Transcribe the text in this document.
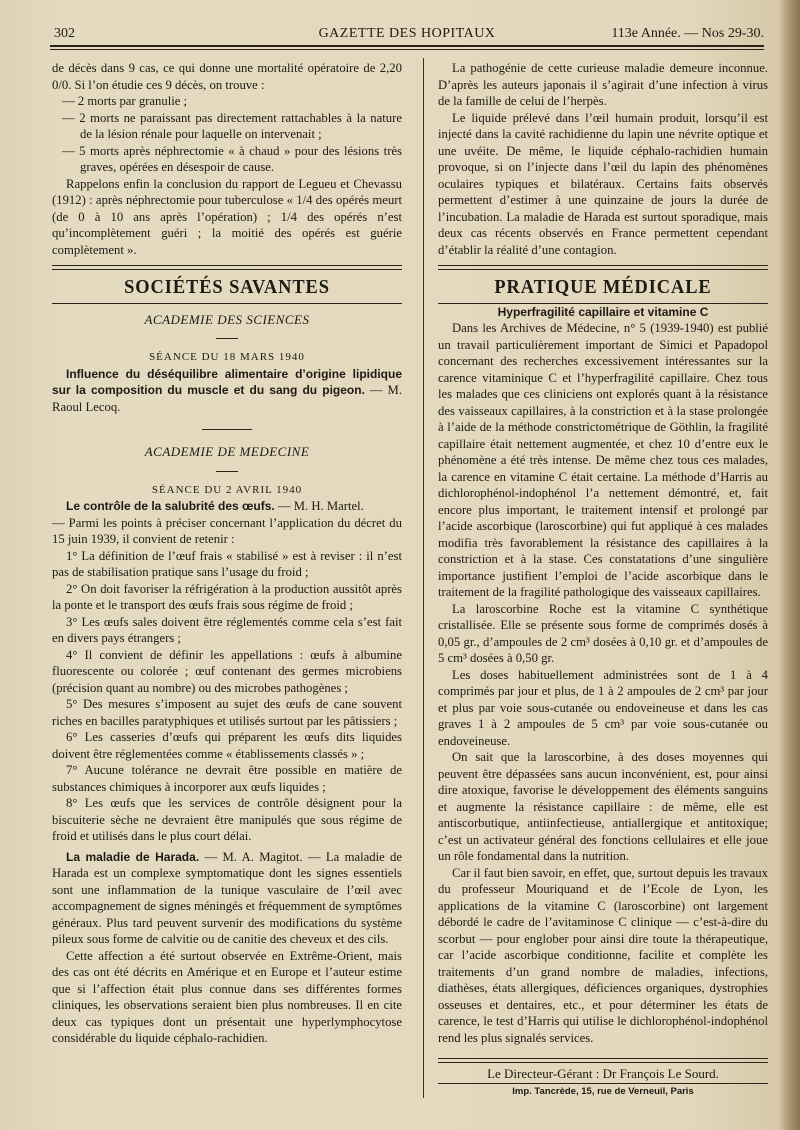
302	GAZETTE DES HOPITAUX	113e Année. — Nos 29-30.

de décès dans 9 cas, ce qui donne une mortalité opératoire de 2,20 0/0. Si l’on étudie ces 9 décès, on trouve :

— 2 morts par granulie ;

— 2 morts ne paraissant pas directement rattachables à la nature de la lésion rénale pour laquelle on intervenait ;

— 5 morts après néphrectomie « à chaud » pour des lésions très graves, opérées en désespoir de cause.

Rappelons enfin la conclusion du rapport de Legueu et Chevassu (1912) : après néphrectomie pour tuberculose « 1/4 des opérés meurt (de 0 à 10 ans après l’opération) ; 1/4 des opérés n’est qu’incomplètement guéri ; la moitié des opérés est guérie complètement ».

SOCIÉTÉS SAVANTES

ACADEMIE DES SCIENCES

SÉANCE DU 18 MARS 1940

Influence du déséquilibre alimentaire d’origine lipidique sur la composition du muscle et du sang du pigeon. — M. Raoul Lecoq.

ACADEMIE DE MEDECINE

SÉANCE DU 2 AVRIL 1940

Le contrôle de la salubrité des œufs. — M. H. Martel.

— Parmi les points à préciser concernant l’application du décret du 15 juin 1939, il convient de retenir :

1° La définition de l’œuf frais « stabilisé » est à reviser : il n’est pas de stabilisation pratique sans l’usage du froid ;

2° On doit favoriser la réfrigération à la production aussitôt après la ponte et le transport des œufs frais sous régime de froid ;

3° Les œufs sales doivent être réglementés comme cela s’est fait en divers pays étrangers ;

4° Il convient de définir les appellations : œufs à albumine fluorescente ou colorée ; œuf contenant des germes microbiens (précision quant au nombre) ou des microbes pathogènes ;

5° Des mesures s’imposent au sujet des œufs de cane souvent riches en bacilles paratyphiques et utilisés surtout par les pâtissiers ;

6° Les casseries d’œufs qui préparent les œufs dits liquides doivent être réglementées comme « établissements classés » ;

7° Aucune tolérance ne devrait être possible en matière de substances chimiques à incorporer aux œufs liquides ;

8° Les œufs que les services de contrôle désignent pour la biscuiterie sèche ne devraient être manipulés que sous régime de froid et utilisés dans le plus court délai.

La maladie de Harada. — M. A. Magitot. — La maladie de Harada est un complexe symptomatique dont les signes essentiels sont une inflammation de la tunique vasculaire de l’œil avec accompagnement de signes méningés et fréquemment de symptômes généraux. Plus tard peuvent survenir des modifications du système pileux sous forme de calvitie ou de canitie des cheveux et des cils.

Cette affection a été surtout observée en Extrême-Orient, mais des cas ont été décrits en Amérique et en Europe et l’auteur estime que si l’affection était plus connue dans ses différentes formes cliniques, les observations seraient bien plus nombreuses. Il en cite deux cas typiques dont un présentait une hyperlymphocytose considérable du liquide céphalo-rachidien.

La pathogénie de cette curieuse maladie demeure inconnue. D’après les auteurs japonais il s’agirait d’une infection à virus de la famille de celui de l’herpès.

Le liquide prélevé dans l’œil humain produit, lorsqu’il est injecté dans la cavité rachidienne du lapin une névrite optique et une uvéite. De même, le liquide céphalo-rachidien humain provoque, si on l’injecte dans l’œil du lapin des phénomènes oculaires typiques et bilatéraux. Certains faits observés permettent d’estimer à une quinzaine de jours la durée de l’incubation. La maladie de Harada est surtout sporadique, mais deux cas récents observés en France permettent cependant d’établir la réalité d’une contagion.

PRATIQUE MÉDICALE

Hyperfragilité capillaire et vitamine C

Dans les Archives de Médecine, n° 5 (1939-1940) est publié un travail particulièrement important de Simici et Papadopol concernant des recherches excessivement intéressantes sur la carence vitaminique C et l’hyperfragilité capillaire. Chez tous les malades que ces cliniciens ont explorés quant à la résistance des vaisseaux capillaires, à la constriction et à la stase prolongée à l’aide de la méthode constrictométrique de Göthlin, la fragilité capillaire était nettement augmentée, et chez 10 d’entre eux le phénomène a été très intense. De même chez tous ces malades, la carence en vitamine C était certaine. La méthode d’Harris au dichlorophénol-indophénol l’a nettement démontré, et, fait encore plus important, le traitement intensif et prolongé par l’acide ascorbique (laroscorbine) qui fut appliqué à ces malades modifia très favorablement la résistance des capillaires à la constriction et à la stase. Ces constatations d’une singulière importance justifient l’emploi de l’acide ascorbique dans le traitement de la fragilité pathologique des vaisseaux capillaires.

La laroscorbine Roche est la vitamine C synthétique cristallisée. Elle se présente sous forme de comprimés dosés à 0,05 gr., d’ampoules de 2 cm³ dosées à 0,10 gr. et d’ampoules de 5 cm³ dosées à 0,50 gr.

Les doses habituellement administrées sont de 1 à 4 comprimés par jour et plus, de 1 à 2 ampoules de 2 cm³ par jour et plus par voie sous-cutanée ou endoveineuse et dans les cas graves 1 à 2 ampoules de 5 cm³ par voie sous-cutanée ou endoveineuse.

On sait que la laroscorbine, à des doses moyennes qui peuvent être dépassées sans aucun inconvénient, est, pour ainsi dire atoxique, favorise le développement des éléments sanguins et augmente la résistance capillaire : de même, elle est antiscorbutique, antiinfectieuse, antiallergique et antitoxique; c’est un activateur général des fonctions cellulaires et elle joue un rôle fondamental dans la nutrition.

Car il faut bien savoir, en effet, que, surtout depuis les travaux du professeur Mouriquand et de l’Ecole de Lyon, les applications de la vitamine C (laroscorbine) ont largement débordé le cadre de l’avitaminose C clinique — c’est-à-dire du scorbut — pour englober pour ainsi dire toute la thérapeutique, car l’acide ascorbique conditionne, facilite et complète les traitements d’un grand nombre de maladies, infections, diathèses, états allergiques, déficiences organiques, dystrophies osseuses et dentaires, etc., et pour déterminer les états de carence, le test d’Harris qui utilise le dichlorophénol-indophénol rend les plus signalés services.

Le Directeur-Gérant : Dr François Le Sourd.

Imp. Tancrède, 15, rue de Verneuil, Paris
